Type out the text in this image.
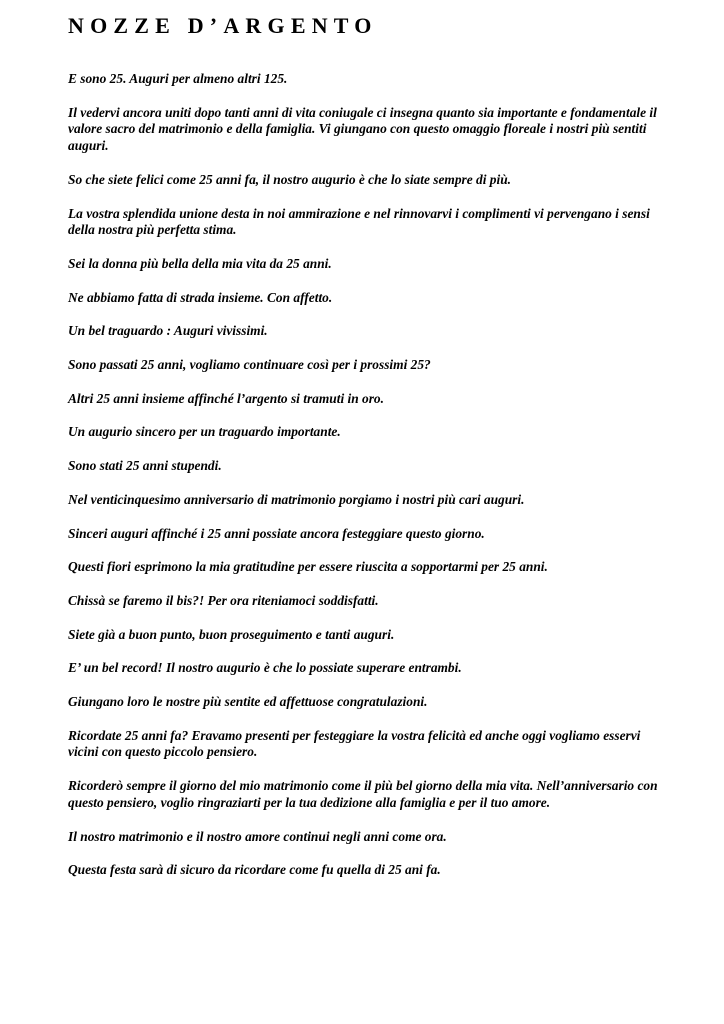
NOZZE D’ARGENTO

E sono 25. Auguri per almeno altri 125.

Il vedervi ancora uniti dopo tanti anni di vita coniugale ci insegna quanto sia importante e fondamentale il valore sacro del matrimonio e della famiglia. Vi giungano con questo omaggio floreale i nostri più sentiti auguri.

So che siete felici come 25 anni fa, il nostro augurio è che lo siate sempre di più.

La vostra splendida unione desta in noi ammirazione e nel rinnovarvi i complimenti vi pervengano i sensi della nostra più perfetta stima.

Sei la donna più bella della mia vita da 25 anni.

Ne abbiamo fatta di strada insieme. Con affetto.

Un bel traguardo : Auguri vivissimi.

Sono passati 25 anni, vogliamo continuare così per i prossimi 25?

Altri 25 anni insieme affinché l’argento si tramuti in oro.

Un augurio sincero per un traguardo importante.

Sono stati 25 anni stupendi.

Nel venticinquesimo anniversario di matrimonio porgiamo i nostri più cari auguri.

Sinceri auguri affinché i 25 anni possiate ancora festeggiare questo giorno.

Questi fiori esprimono la mia gratitudine per essere riuscita a sopportarmi per 25 anni.

Chissà se faremo il bis?! Per ora riteniamoci soddisfatti.

Siete già a buon punto, buon proseguimento e tanti auguri.

E’ un bel record! Il nostro augurio è che lo possiate superare entrambi.

Giungano loro le nostre più sentite ed affettuose congratulazioni.

Ricordate 25 anni fa? Eravamo presenti per festeggiare la vostra felicità ed anche oggi vogliamo esservi vicini con questo piccolo pensiero.

Ricorderò sempre il giorno del mio matrimonio come il più bel giorno della mia vita. Nell’anniversario con questo pensiero, voglio ringraziarti per la tua dedizione alla famiglia e per il tuo amore.

Il nostro matrimonio e il nostro amore continui negli anni come ora.

Questa festa sarà di sicuro da ricordare come fu quella di 25 ani fa.
